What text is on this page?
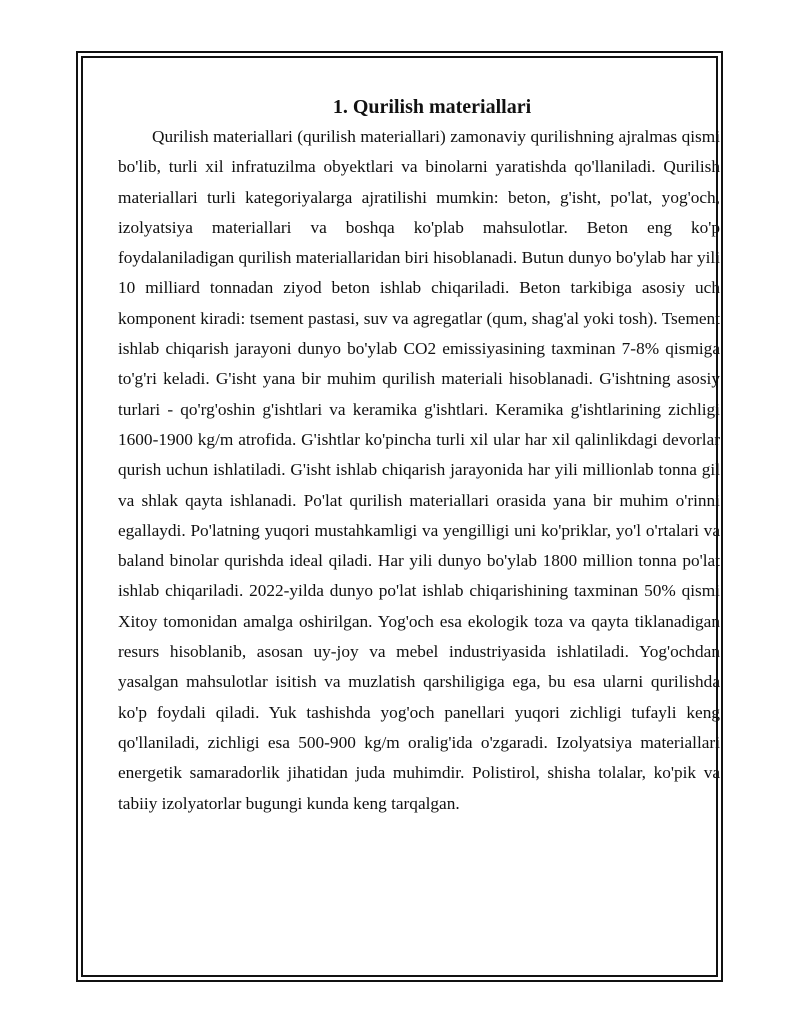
1. Qurilish materiallari

Qurilish materiallari (qurilish materiallari) zamonaviy qurilishning ajralmas qismi bo'lib, turli xil infratuzilma obyektlari va binolarni yaratishda qo'llaniladi. Qurilish materiallari turli kategoriyalarga ajratilishi mumkin: beton, g'isht, po'lat, yog'och, izolyatsiya materiallari va boshqa ko'plab mahsulotlar. Beton eng ko'p foydalaniladigan qurilish materiallaridan biri hisoblanadi. Butun dunyo bo'ylab har yili 10 milliard tonnadan ziyod beton ishlab chiqariladi. Beton tarkibiga asosiy uch komponent kiradi: tsement pastasi, suv va agregatlar (qum, shag'al yoki tosh). Tsement ishlab chiqarish jarayoni dunyo bo'ylab CO2 emissiyasining taxminan 7-8% qismiga to'g'ri keladi. G'isht yana bir muhim qurilish materiali hisoblanadi. G'ishtning asosiy turlari - qo'rg'oshin g'ishtlari va keramika g'ishtlari. Keramika g'ishtlarining zichligi 1600-1900 kg/m atrofida. G'ishtlar ko'pincha turli xil ular har xil qalinlikdagi devorlar qurish uchun ishlatiladi. G'isht ishlab chiqarish jarayonida har yili millionlab tonna gil va shlak qayta ishlanadi. Po'lat qurilish materiallari orasida yana bir muhim o'rinni egallaydi. Po'latning yuqori mustahkamligi va yengilligi uni ko'priklar, yo'l o'rtalari va baland binolar qurishda ideal qiladi. Har yili dunyo bo'ylab 1800 million tonna po'lat ishlab chiqariladi. 2022-yilda dunyo po'lat ishlab chiqarishining taxminan 50% qismi Xitoy tomonidan amalga oshirilgan. Yog'och esa ekologik toza va qayta tiklanadigan resurs hisoblanib, asosan uy-joy va mebel industriyasida ishlatiladi. Yog'ochdan yasalgan mahsulotlar isitish va muzlatish qarshiligiga ega, bu esa ularni qurilishda ko'p foydali qiladi. Yuk tashishda yog'och panellari yuqori zichligi tufayli keng qo'llaniladi, zichligi esa 500-900 kg/m oralig'ida o'zgaradi. Izolyatsiya materiallari energetik samaradorlik jihatidan juda muhimdir. Polistirol, shisha tolalar, ko'pik va tabiiy izolyatorlar bugungi kunda keng tarqalgan.
